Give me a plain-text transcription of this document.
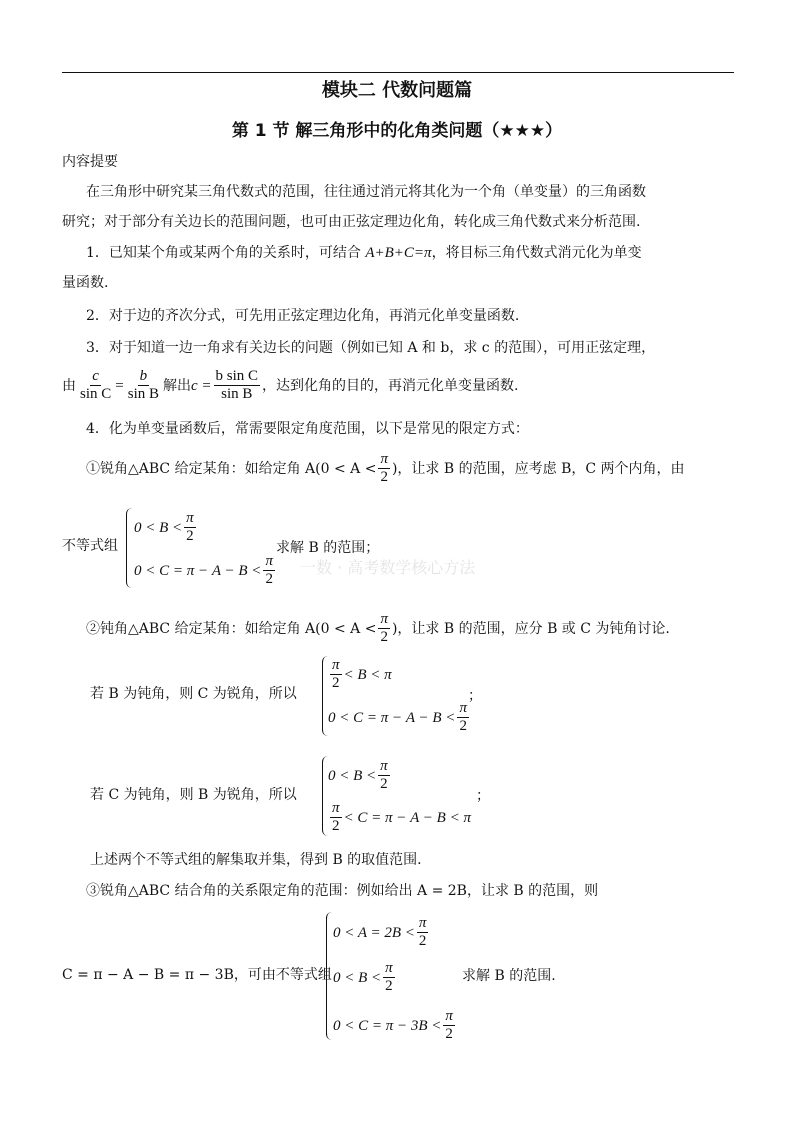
模块二 代数问题篇
第 1 节 解三角形中的化角类问题（★★★）
内容提要
在三角形中研究某三角代数式的范围，往往通过消元将其化为一个角（单变量）的三角函数
研究；对于部分有关边长的范围问题，也可由正弦定理边化角，转化成三角代数式来分析范围.
1．已知某个角或某两个角的关系时，可结合 A+B+C=π，将目标三角代数式消元化为单变
量函数.
2．对于边的齐次分式，可先用正弦定理边化角，再消元化单变量函数.
3．对于知道一边一角求有关边长的问题（例如已知 A 和 b，求 c 的范围），可用正弦定理，
由 $\frac{c}{\text{sin C}} = \frac{b}{\text{sin B}}$ 解出 $c = \frac{\text{b sin C}}{\text{sin B}}$ ，达到化角的目的，再消元化单变量函数.
4．化为单变量函数后，常需要限定角度范围，以下是常见的限定方式：
①锐角△ABC 给定某角：如给定角 $A(0 < A < \frac{\pi}{2}$ )，让求 B 的范围，应考虑 B，C 两个内角，由
不等式组
$0 < B < \frac{\pi}{2}$
$0 < C = \pi - A - B < \frac{\pi}{2}$
求解 B 的范围；
一数 · 高考数学核心方法
②钝角△ABC 给定某角：如给定角 $A(0 < A < \frac{\pi}{2}$ )，让求 B 的范围，应分 B 或 C 为钝角讨论.
若 B 为钝角，则 C 为锐角，所以
$\frac{\pi}{2} < B < \pi$
$0 < C = \pi - A - B < \frac{\pi}{2}$
；
若 C 为钝角，则 B 为锐角，所以
$0 < B < \frac{\pi}{2}$
$\frac{\pi}{2} < C = \pi - A - B < \pi$
；
上述两个不等式组的解集取并集，得到 B 的取值范围.
③锐角△ABC 结合角的关系限定角的范围：例如给出 A = 2B，让求 B 的范围，则
C = π − A − B = π − 3B，可由不等式组
$0 < A = 2B < \frac{\pi}{2}$
$0 < B < \frac{\pi}{2}$
$0 < C = \pi - 3B < \frac{\pi}{2}$
求解 B 的范围.
